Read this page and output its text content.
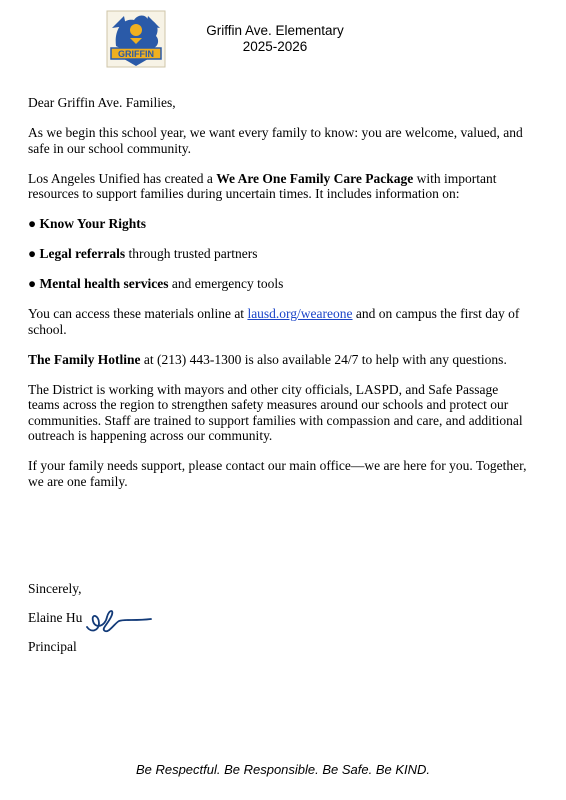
GRIFFIN
Griffin Ave. Elementary
2025-2026

Dear Griffin Ave. Families,

As we begin this school year, we want every family to know: you are welcome, valued, and safe in our school community.

Los Angeles Unified has created a We Are One Family Care Package with important resources to support families during uncertain times. It includes information on:

● Know Your Rights

● Legal referrals through trusted partners

● Mental health services and emergency tools

You can access these materials online at lausd.org/weareone and on campus the first day of school.

The Family Hotline at (213) 443-1300 is also available 24/7 to help with any questions.

The District is working with mayors and other city officials, LASPD, and Safe Passage teams across the region to strengthen safety measures around our schools and protect our communities. Staff are trained to support families with compassion and care, and additional outreach is happening across our community.

If your family needs support, please contact our main office—we are here for you. Together, we are one family.

Sincerely,
Elaine Hu
Principal
Be Respectful. Be Responsible. Be Safe. Be KIND.
